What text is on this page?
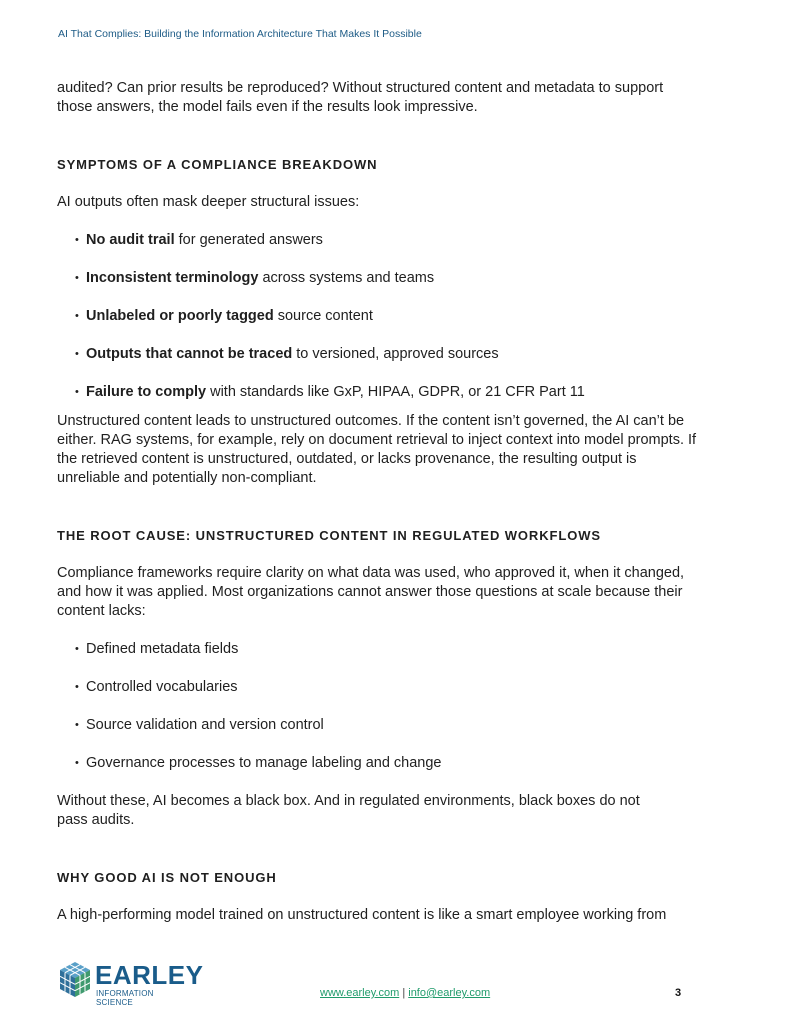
AI That Complies: Building the Information Architecture That Makes It Possible

audited? Can prior results be reproduced? Without structured content and metadata to support those answers, the model fails even if the results look impressive.

SYMPTOMS OF A COMPLIANCE BREAKDOWN

AI outputs often mask deeper structural issues:

• No audit trail for generated answers
• Inconsistent terminology across systems and teams
• Unlabeled or poorly tagged source content
• Outputs that cannot be traced to versioned, approved sources
• Failure to comply with standards like GxP, HIPAA, GDPR, or 21 CFR Part 11

Unstructured content leads to unstructured outcomes. If the content isn’t governed, the AI can’t be either. RAG systems, for example, rely on document retrieval to inject context into model prompts. If the retrieved content is unstructured, outdated, or lacks provenance, the resulting output is unreliable and potentially non-compliant.

THE ROOT CAUSE: UNSTRUCTURED CONTENT IN REGULATED WORKFLOWS

Compliance frameworks require clarity on what data was used, who approved it, when it changed, and how it was applied. Most organizations cannot answer those questions at scale because their content lacks:

• Defined metadata fields
• Controlled vocabularies
• Source validation and version control
• Governance processes to manage labeling and change

Without these, AI becomes a black box. And in regulated environments, black boxes do not pass audits.

WHY GOOD AI IS NOT ENOUGH

A high-performing model trained on unstructured content is like a smart employee working from

EARLEY
INFORMATION SCIENCE
www.earley.com | info@earley.com	3
